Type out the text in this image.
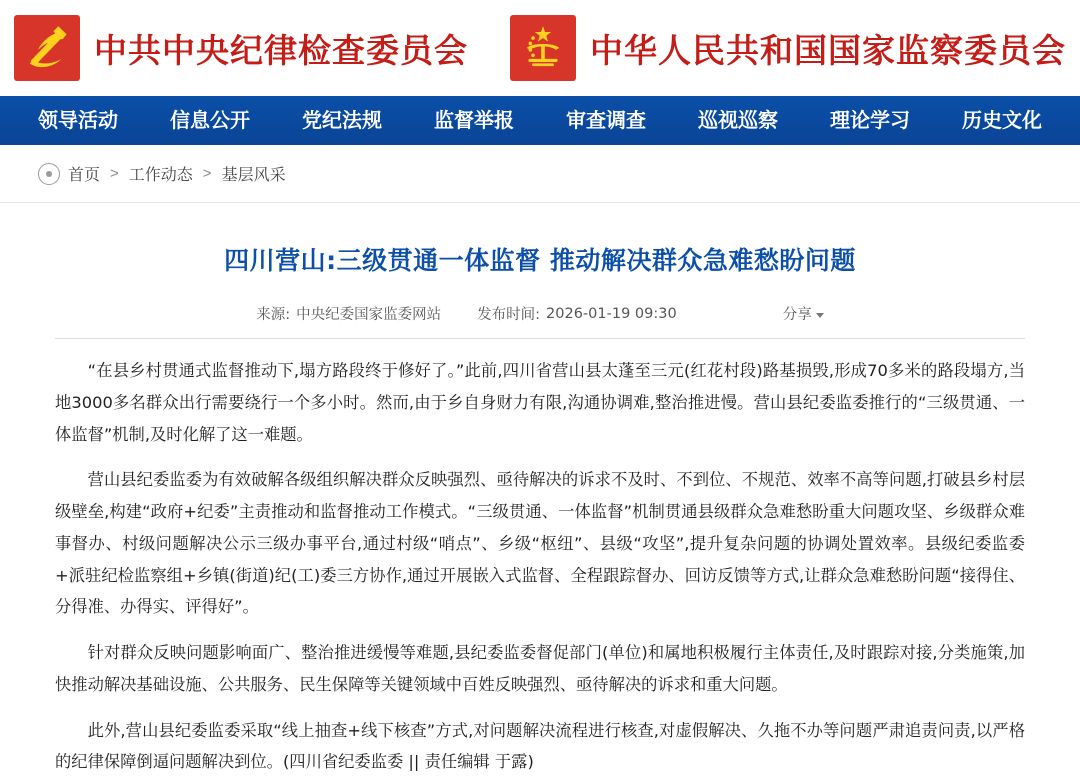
中共中央纪律检查委员会	中华人民共和国国家监察委员会
领导活动	信息公开	党纪法规	监督举报	审查调查	巡视巡察	理论学习	历史文化
首页 > 工作动态 > 基层风采
四川营山:三级贯通一体监督 推动解决群众急难愁盼问题
来源: 中央纪委国家监委网站 发布时间: 2026-01-19 09:30	分享

“在县乡村贯通式监督推动下,塌方路段终于修好了。”此前,四川省营山县太蓬至三元(红花村段)路基损毁,形成70多米的路段塌方,当地3000多名群众出行需要绕行一个多小时。然而,由于乡自身财力有限,沟通协调难,整治推进慢。营山县纪委监委推行的“三级贯通、一体监督”机制,及时化解了这一难题。

营山县纪委监委为有效破解各级组织解决群众反映强烈、亟待解决的诉求不及时、不到位、不规范、效率不高等问题,打破县乡村层级壁垒,构建“政府+纪委”主责推动和监督推动工作模式。“三级贯通、一体监督”机制贯通县级群众急难愁盼重大问题攻坚、乡级群众难事督办、村级问题解决公示三级办事平台,通过村级“哨点”、乡级“枢纽”、县级“攻坚”,提升复杂问题的协调处置效率。县级纪委监委+派驻纪检监察组+乡镇(街道)纪(工)委三方协作,通过开展嵌入式监督、全程跟踪督办、回访反馈等方式,让群众急难愁盼问题“接得住、分得准、办得实、评得好”。

针对群众反映问题影响面广、整治推进缓慢等难题,县纪委监委督促部门(单位)和属地积极履行主体责任,及时跟踪对接,分类施策,加快推动解决基础设施、公共服务、民生保障等关键领域中百姓反映强烈、亟待解决的诉求和重大问题。

此外,营山县纪委监委采取“线上抽查+线下核查”方式,对问题解决流程进行核查,对虚假解决、久拖不办等问题严肃追责问责,以严格的纪律保障倒逼问题解决到位。(四川省纪委监委 || 责任编辑 于露)
